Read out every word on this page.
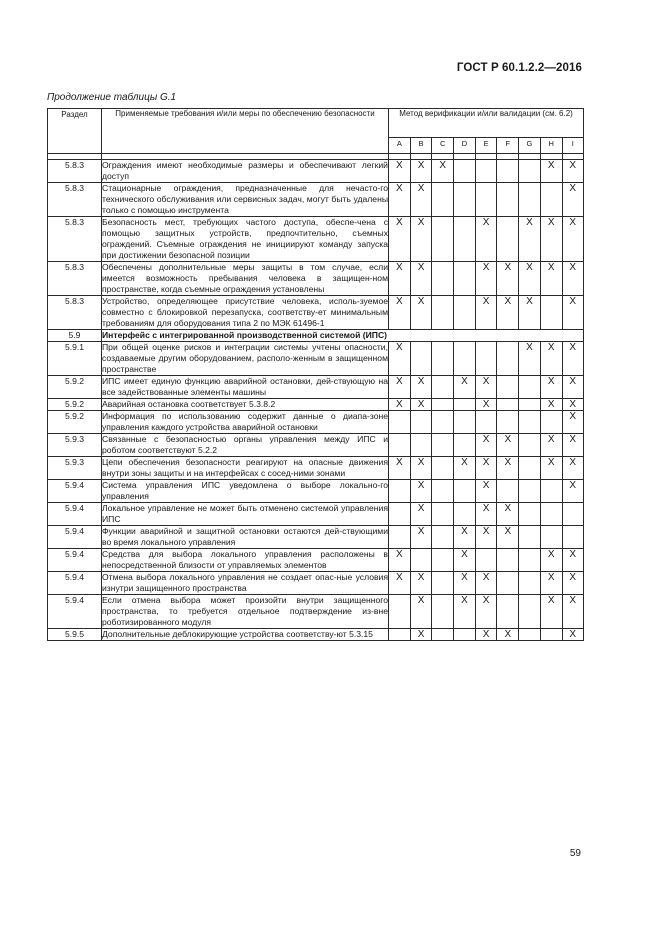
ГОСТ Р 60.1.2.2—2016
Продолжение таблицы G.1
Раздел	Применяемые требования и/или меры по обеспечению безопасности	Метод верификации и/или валидации (см. 6.2)								
		A	B	C	D	E	F	G	H	I

5.8.3	Ограждения имеют необходимые размеры и обеспечивают легкий доступ	X	X	X					X	X
5.8.3	Стационарные ограждения, предназначенные для нечасто-го технического обслуживания или сервисных задач, могут быть удалены только с помощью инструмента	X	X							X
5.8.3	Безопасность мест, требующих частого доступа, обеспе-чена с помощью защитных устройств, предпочтительно, съемных ограждений. Съемные ограждения не инициируют команду запуска при достижении безопасной позиции	X	X			X		X	X	X
5.8.3	Обеспечены дополнительные меры защиты в том случае, если имеется возможность пребывания человека в защищен-ном пространстве, когда съемные ограждения установлены	X	X			X	X	X	X	X
5.8.3	Устройство, определяющее присутствие человека, исполь-зуемое совместно с блокировкой перезапуска, соответству-ет минимальным требованиям для оборудования типа 2 по МЭК 61496-1	X	X			X	X	X		X
5.9	Интерфейс с интегрированной производственной системой (ИПС)									
5.9.1	При общей оценке рисков и интеграции системы учтены опасности, создаваемые другим оборудованием, располо-женным в защищенном пространстве	X						X	X	X
5.9.2	ИПС имеет единую функцию аварийной остановки, дей-ствующую на все задействованные элементы машины	X	X		X	X			X	X
5.9.2	Аварийная остановка соответствует 5.3.8.2	X	X			X			X	X
5.9.2	Информация по использованию содержит данные о диапа-зоне управления каждого устройства аварийной остановки									X
5.9.3	Связанные с безопасностью органы управления между ИПС и роботом соответствуют 5.2.2					X	X		X	X
5.9.3	Цепи обеспечения безопасности реагируют на опасные движения внутри зоны защиты и на интерфейсах с сосед-ними зонами	X	X		X	X	X		X	X
5.9.4	Система управления ИПС уведомлена о выборе локально-го управления		X			X				X
5.9.4	Локальное управление не может быть отменено системой управления ИПС		X			X	X			
5.9.4	Функции аварийной и защитной остановки остаются дей-ствующими во время локального управления		X		X	X	X			
5.9.4	Средства для выбора локального управления расположены в непосредственной близости от управляемых элементов	X			X				X	X
5.9.4	Отмена выбора локального управления не создает опас-ные условия изнутри защищенного пространства	X	X		X	X			X	X
5.9.4	Если отмена выбора может произойти внутри защищенного пространства, то требуется отдельное подтверждение из-вне роботизированного модуля		X		X	X			X	X
5.9.5	Дополнительные деблокирующие устройства соответству-ют 5.3.15		X			X	X			X
59
